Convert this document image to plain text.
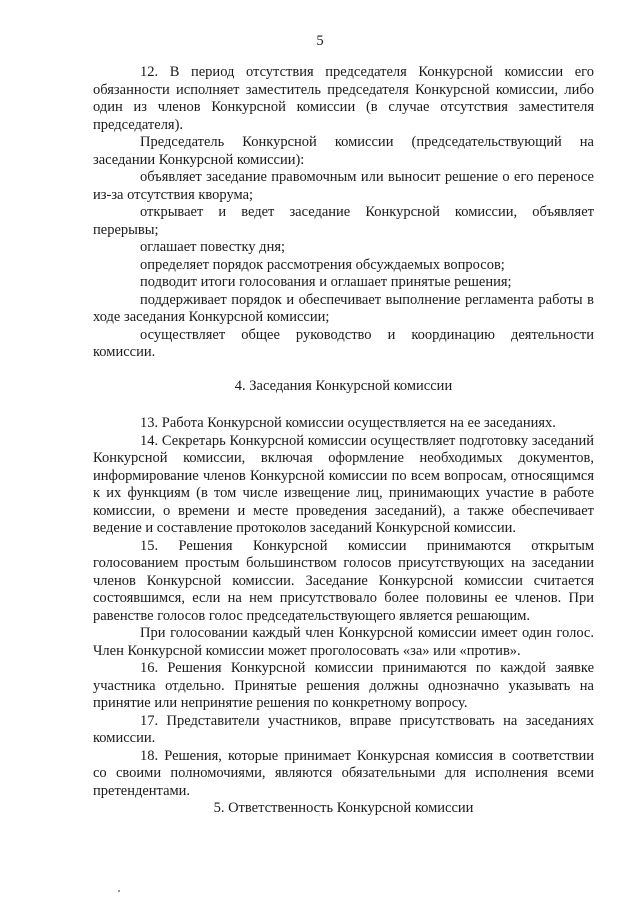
5

12. В период отсутствия председателя Конкурсной комиссии его обязанности исполняет заместитель председателя Конкурсной комиссии, либо один из членов Конкурсной комиссии (в случае отсутствия заместителя председателя).

Председатель Конкурсной комиссии (председательствующий на заседании Конкурсной комиссии):

объявляет заседание правомочным или выносит решение о его переносе из-за отсутствия кворума;

открывает и ведет заседание Конкурсной комиссии, объявляет перерывы;

оглашает повестку дня;

определяет порядок рассмотрения обсуждаемых вопросов;

подводит итоги голосования и оглашает принятые решения;

поддерживает порядок и обеспечивает выполнение регламента работы в ходе заседания Конкурсной комиссии;

осуществляет общее руководство и координацию деятельности комиссии.

4. Заседания Конкурсной комиссии

13. Работа Конкурсной комиссии осуществляется на ее заседаниях.

14. Секретарь Конкурсной комиссии осуществляет подготовку заседаний Конкурсной комиссии, включая оформление необходимых документов, информирование членов Конкурсной комиссии по всем вопросам, относящимся к их функциям (в том числе извещение лиц, принимающих участие в работе комиссии, о времени и месте проведения заседаний), а также обеспечивает ведение и составление протоколов заседаний Конкурсной комиссии.

15. Решения Конкурсной комиссии принимаются открытым голосованием простым большинством голосов присутствующих на заседании членов Конкурсной комиссии. Заседание Конкурсной комиссии считается состоявшимся, если на нем присутствовало более половины ее членов. При равенстве голосов голос председательствующего является решающим.

При голосовании каждый член Конкурсной комиссии имеет один голос. Член Конкурсной комиссии может проголосовать «за» или «против».

16. Решения Конкурсной комиссии принимаются по каждой заявке участника отдельно. Принятые решения должны однозначно указывать на принятие или непринятие решения по конкретному вопросу.

17. Представители участников, вправе присутствовать на заседаниях комиссии.

18. Решения, которые принимает Конкурсная комиссия в соответствии со своими полномочиями, являются обязательными для исполнения всеми претендентами.

5. Ответственность Конкурсной комиссии
